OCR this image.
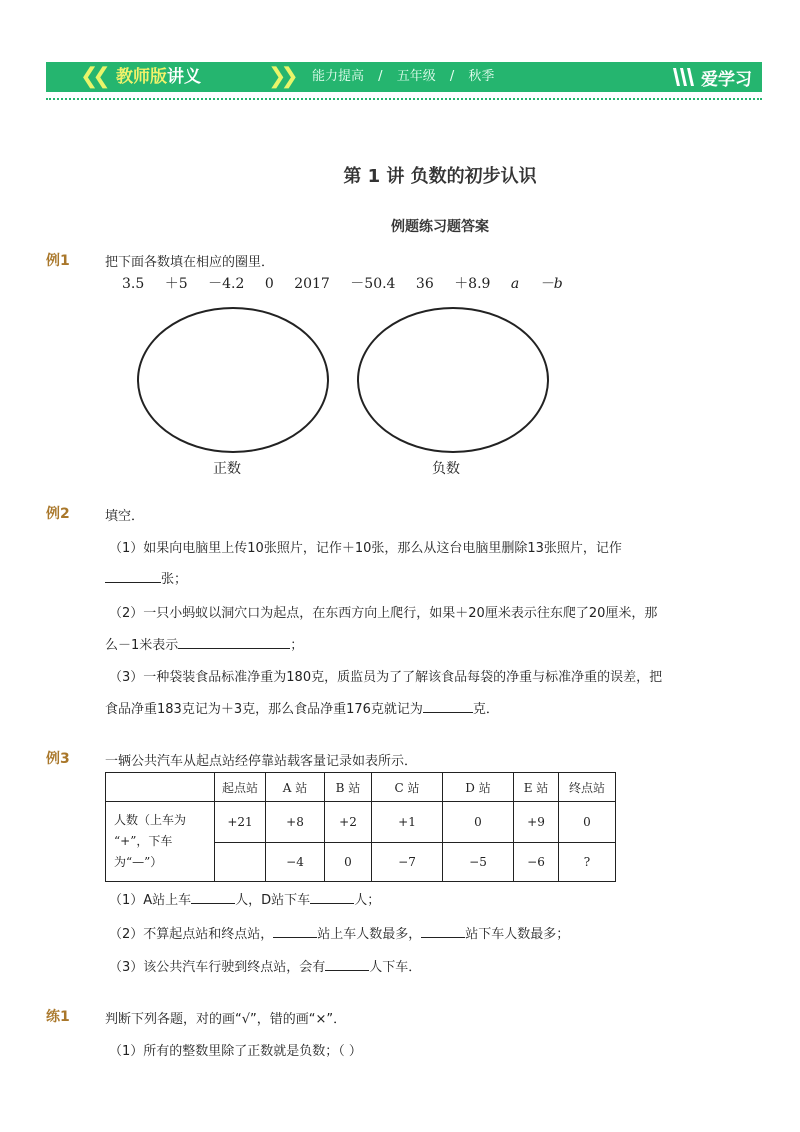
❮❮ 教师版讲义	❯❯ 能力提高 / 五年级 / 秋季	爱学习
第 1 讲 负数的初步认识
例题练习题答案
例1	把下面各数填在相应的圈里．
3.5 ＋5 －4.2 0 2017 －50.4 36 ＋8.9 a －b
正数	负数
例2	填空．
（1）如果向电脑里上传10张照片，记作＋10张，那么从这台电脑里删除13张照片，记作
张；
（2）一只小蚂蚁以洞穴口为起点，在东西方向上爬行，如果＋20厘米表示往东爬了20厘米，那
么－1米表示	；
（3）一种袋装食品标准净重为180克，质监员为了了解该食品每袋的净重与标准净重的误差，把
食品净重183克记为＋3克，那么食品净重176克就记为	克．
例3	一辆公共汽车从起点站经停靠站载客量记录如表所示．
	起点站	A 站	B 站	C 站	D 站	E 站	终点站

人数（上车为
“+”，下车
为“—”）	+21	+8	+2	+1	0	+9	0
		−4	0	−7	−5	−6	?
（1）A站上车	人，D站下车	人；
（2）不算起点站和终点站，	站上车人数最多，	站下车人数最多；
（3）该公共汽车行驶到终点站，会有	人下车．
练1	判断下列各题，对的画“√”，错的画“×”．
（1）所有的整数里除了正数就是负数；（ ）
